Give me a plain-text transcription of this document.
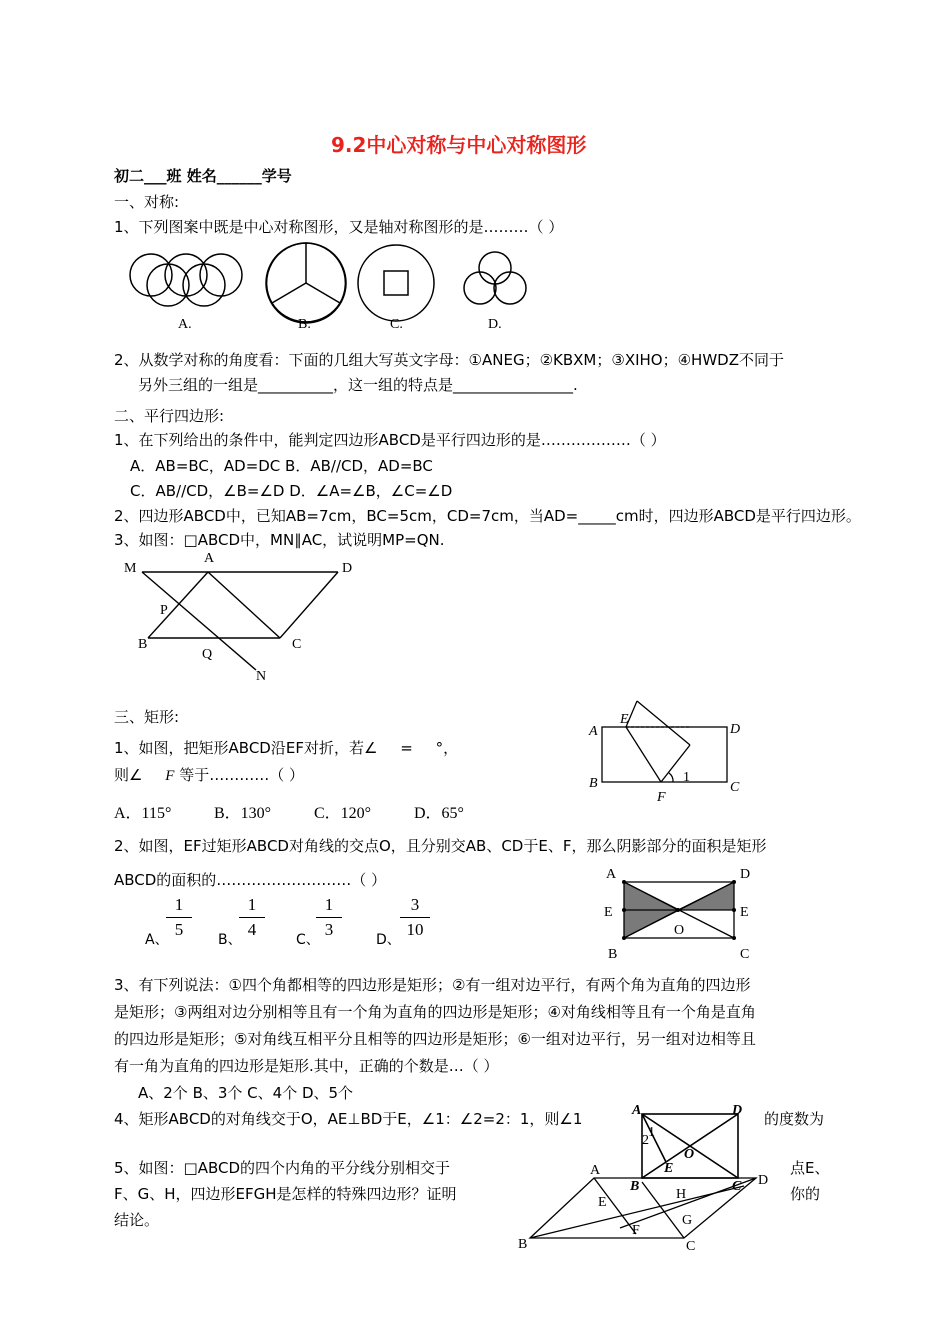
9.2中心对称与中心对称图形
初二___班 姓名______学号
一、对称:
1、下列图案中既是中心对称图形，又是轴对称图形的是………（ ）
A.	B.	C.	D.
2、从数学对称的角度看：下面的几组大写英文字母：①ANEG；②KBXM；③XIHO；④HWDZ不同于
另外三组的一组是__________，这一组的特点是________________.
二、平行四边形:
1、在下列给出的条件中，能判定四边形ABCD是平行四边形的是………………（ ）
A．AB=BC，AD=DC B．AB//CD，AD=BC
C．AB//CD，∠B=∠D D．∠A=∠B，∠C=∠D
2、四边形ABCD中，已知AB=7cm，BC=5cm，CD=7cm，当AD=_____cm时，四边形ABCD是平行四边形。
3、如图：□ABCD中，MN∥AC，试说明MP=QN.
M
A
D
P
B
Q
C
N
三、矩形:
1、如图，把矩形ABCD沿EF对折，若∠ = °，
则∠ F 等于…………（ ）
A．115°	B．130°	C．120°	D．65°
A
E
D
B
F
C
1
2、如图，EF过矩形ABCD对角线的交点O，且分别交AB、CD于E、F，那么阴影部分的面积是矩形
ABCD的面积的………………………（ ）
A、
$\frac{1}{5}$ B、
$\frac{1}{4}$ C、
$\frac{1}{3}$ D、 $\frac{3}{10}$
A	D
E	E
O
B	C
3、有下列说法：①四个角都相等的四边形是矩形；②有一组对边平行，有两个角为直角的四边形
是矩形；③两组对边分别相等且有一个角为直角的四边形是矩形；④对角线相等且有一个角是直角
的四边形是矩形；⑤对角线互相平分且相等的四边形是矩形；⑥一组对边平行，另一组对边相等且
有一角为直角的四边形是矩形.其中，正确的个数是…（ ）
A、2个 B、3个 C、4个 D、5个
4、矩形ABCD的对角线交于O，AE⊥BD于E，∠1：∠2=2：1，则∠1	的度数为
A	D
1
2
O
E
B	C
5、如图：□ABCD的四个内角的平分线分别相交于	点E、
F、G、H，四边形EFGH是怎样的特殊四边形？证明	你的
结论。
A
D
E
H
G
F
B	C
